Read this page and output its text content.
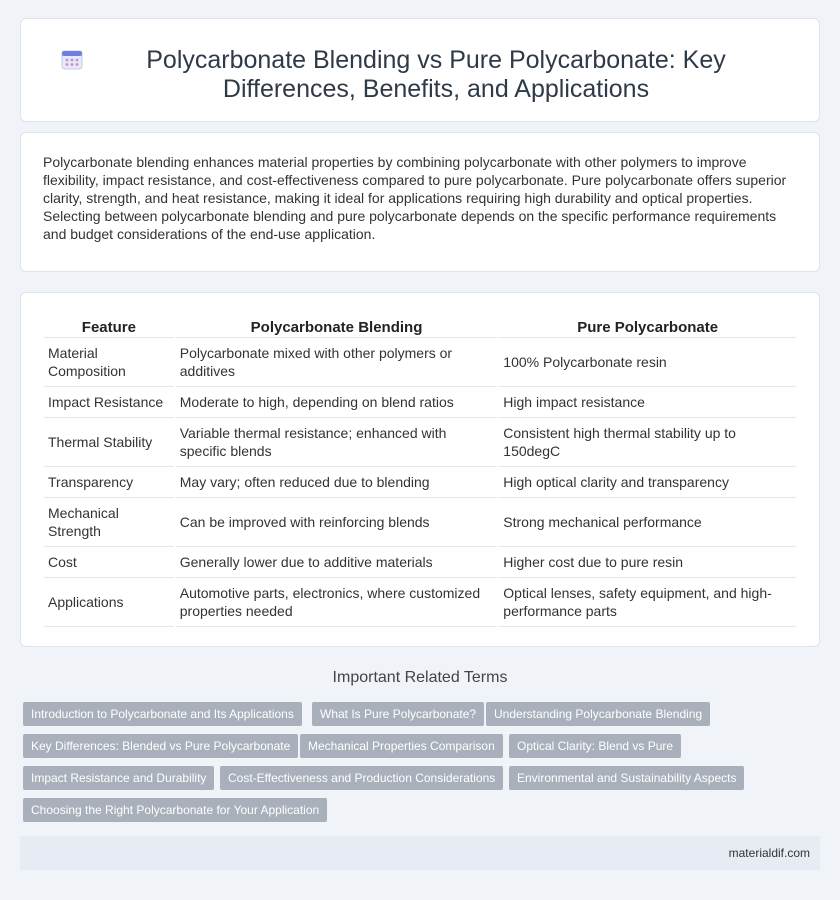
Polycarbonate Blending vs Pure Polycarbonate: Key Differences, Benefits, and Applications

Polycarbonate blending enhances material properties by combining polycarbonate with other polymers to improve flexibility, impact resistance, and cost-effectiveness compared to pure polycarbonate. Pure polycarbonate offers superior clarity, strength, and heat resistance, making it ideal for applications requiring high durability and optical properties. Selecting between polycarbonate blending and pure polycarbonate depends on the specific performance requirements and budget considerations of the end-use application.

Feature	Polycarbonate Blending	Pure Polycarbonate
Material Composition	Polycarbonate mixed with other polymers or additives	100% Polycarbonate resin
Impact Resistance	Moderate to high, depending on blend ratios	High impact resistance
Thermal Stability	Variable thermal resistance; enhanced with specific blends	Consistent high thermal stability up to 150degC
Transparency	May vary; often reduced due to blending	High optical clarity and transparency
Mechanical Strength	Can be improved with reinforcing blends	Strong mechanical performance
Cost	Generally lower due to additive materials	Higher cost due to pure resin
Applications	Automotive parts, electronics, where customized properties needed	Optical lenses, safety equipment, and high-performance parts
Important Related Terms
Introduction to Polycarbonate and Its Applications	What Is Pure Polycarbonate?	Understanding Polycarbonate Blending
Key Differences: Blended vs Pure Polycarbonate	Mechanical Properties Comparison	Optical Clarity: Blend vs Pure
Impact Resistance and Durability	Cost-Effectiveness and Production Considerations	Environmental and Sustainability Aspects
Choosing the Right Polycarbonate for Your Application
materialdif.com
